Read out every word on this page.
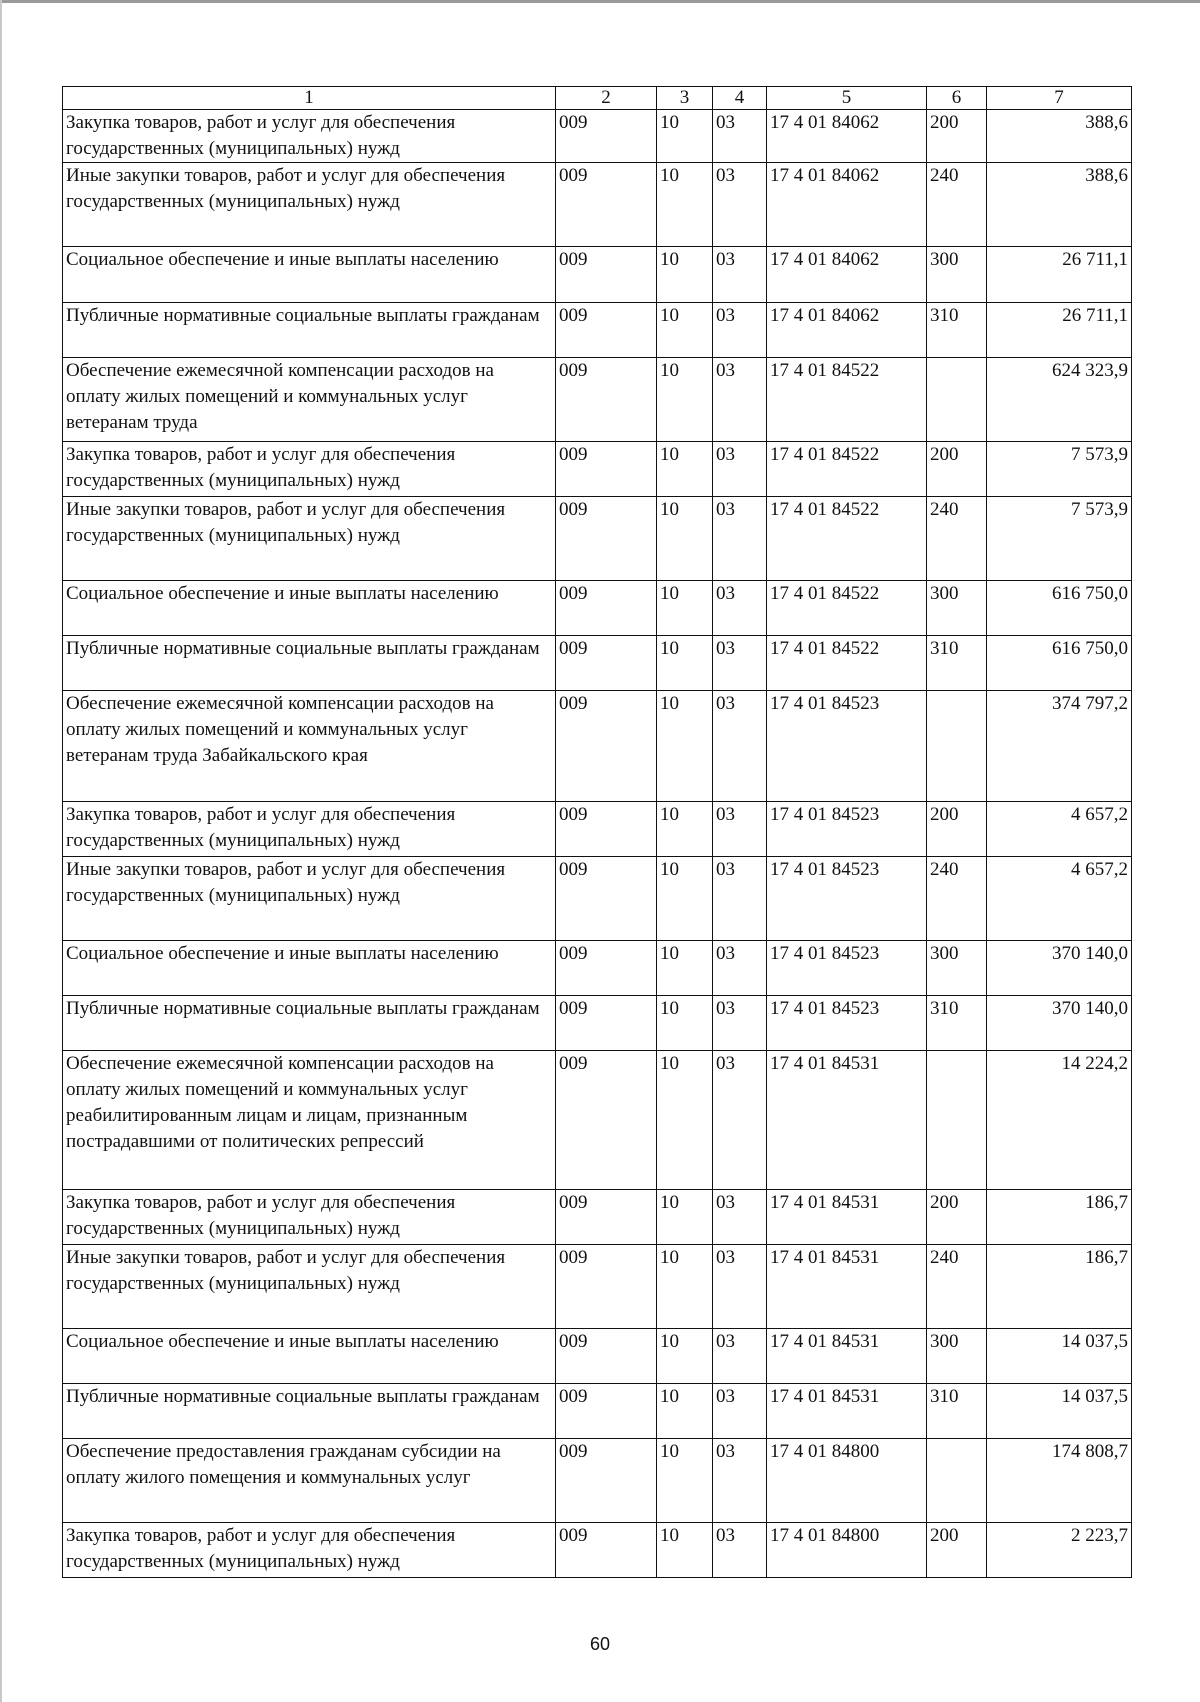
1	2	3	4	5	6	7
Закупка товаров, работ и услуг для обеспечения государственных (муниципальных) нужд	009	10	03	17 4 01 84062	200	388,6
Иные закупки товаров, работ и услуг для обеспечения государственных (муниципальных) нужд	009	10	03	17 4 01 84062	240	388,6
Социальное обеспечение и иные выплаты населению	009	10	03	17 4 01 84062	300	26 711,1
Публичные нормативные социальные выплаты гражданам	009	10	03	17 4 01 84062	310	26 711,1
Обеспечение ежемесячной компенсации расходов на оплату жилых помещений и коммунальных услуг ветеранам труда	009	10	03	17 4 01 84522		624 323,9
Закупка товаров, работ и услуг для обеспечения государственных (муниципальных) нужд	009	10	03	17 4 01 84522	200	7 573,9
Иные закупки товаров, работ и услуг для обеспечения государственных (муниципальных) нужд	009	10	03	17 4 01 84522	240	7 573,9
Социальное обеспечение и иные выплаты населению	009	10	03	17 4 01 84522	300	616 750,0
Публичные нормативные социальные выплаты гражданам	009	10	03	17 4 01 84522	310	616 750,0
Обеспечение ежемесячной компенсации расходов на оплату жилых помещений и коммунальных услуг ветеранам труда Забайкальского края	009	10	03	17 4 01 84523		374 797,2
Закупка товаров, работ и услуг для обеспечения государственных (муниципальных) нужд	009	10	03	17 4 01 84523	200	4 657,2
Иные закупки товаров, работ и услуг для обеспечения государственных (муниципальных) нужд	009	10	03	17 4 01 84523	240	4 657,2
Социальное обеспечение и иные выплаты населению	009	10	03	17 4 01 84523	300	370 140,0
Публичные нормативные социальные выплаты гражданам	009	10	03	17 4 01 84523	310	370 140,0
Обеспечение ежемесячной компенсации расходов на оплату жилых помещений и коммунальных услуг реабилитированным лицам и лицам, признанным пострадавшими от политических репрессий	009	10	03	17 4 01 84531		14 224,2
Закупка товаров, работ и услуг для обеспечения государственных (муниципальных) нужд	009	10	03	17 4 01 84531	200	186,7
Иные закупки товаров, работ и услуг для обеспечения государственных (муниципальных) нужд	009	10	03	17 4 01 84531	240	186,7
Социальное обеспечение и иные выплаты населению	009	10	03	17 4 01 84531	300	14 037,5
Публичные нормативные социальные выплаты гражданам	009	10	03	17 4 01 84531	310	14 037,5
Обеспечение предоставления гражданам субсидии на оплату жилого помещения и коммунальных услуг	009	10	03	17 4 01 84800		174 808,7
Закупка товаров, работ и услуг для обеспечения государственных (муниципальных) нужд	009	10	03	17 4 01 84800	200	2 223,7
60
